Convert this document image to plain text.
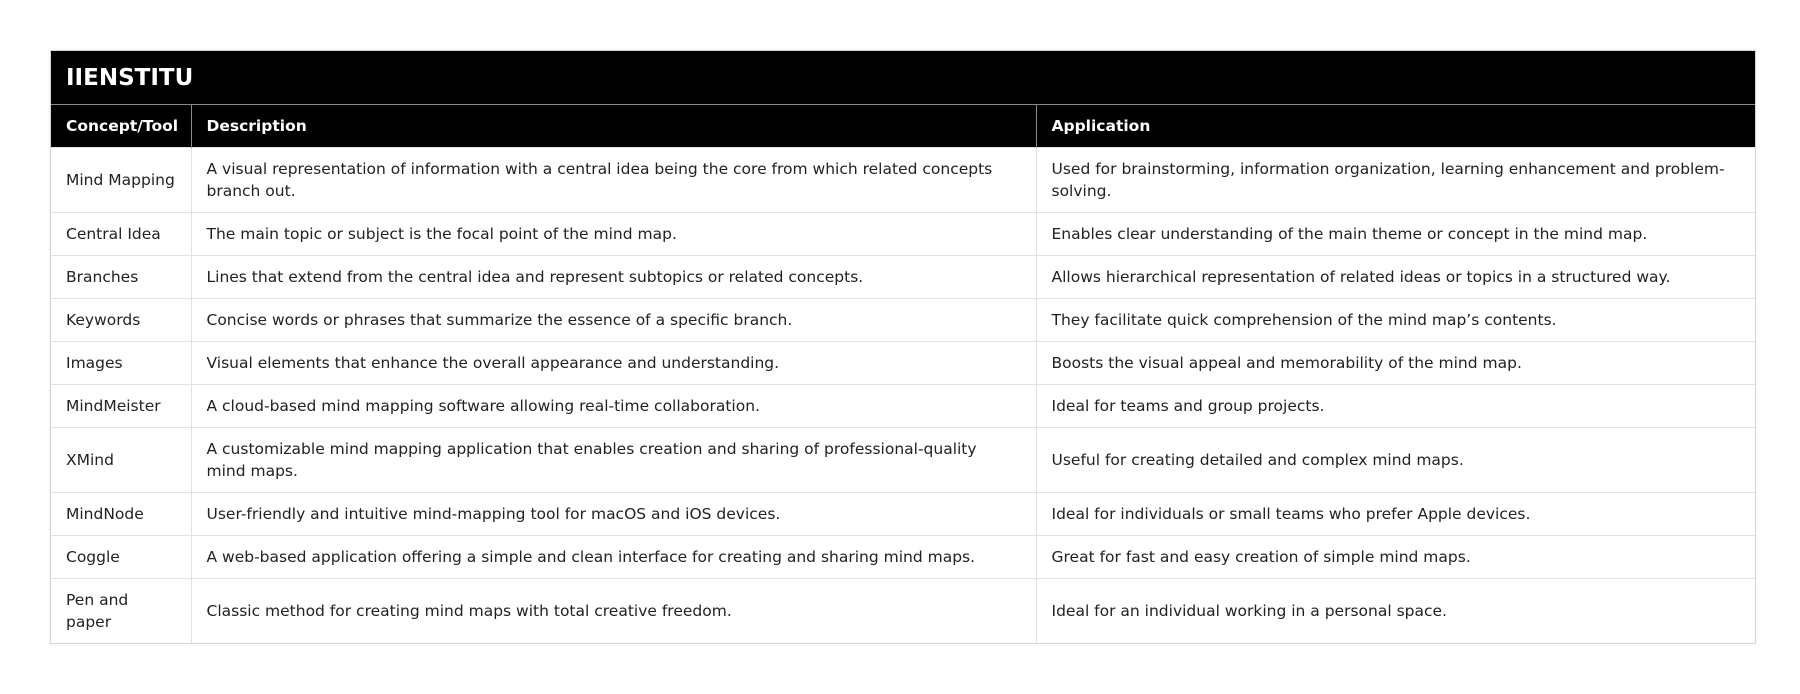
IIENSTITU
Concept/Tool	Description	Application
Mind Mapping	A visual representation of information with a central idea being the core from which related concepts branch out.	Used for brainstorming, information organization, learning enhancement and problem-solving.
Central Idea	The main topic or subject is the focal point of the mind map.	Enables clear understanding of the main theme or concept in the mind map.
Branches	Lines that extend from the central idea and represent subtopics or related concepts.	Allows hierarchical representation of related ideas or topics in a structured way.
Keywords	Concise words or phrases that summarize the essence of a specific branch.	They facilitate quick comprehension of the mind map’s contents.
Images	Visual elements that enhance the overall appearance and understanding.	Boosts the visual appeal and memorability of the mind map.
MindMeister	A cloud-based mind mapping software allowing real-time collaboration.	Ideal for teams and group projects.
XMind	A customizable mind mapping application that enables creation and sharing of professional-quality mind maps.	Useful for creating detailed and complex mind maps.
MindNode	User-friendly and intuitive mind-mapping tool for macOS and iOS devices.	Ideal for individuals or small teams who prefer Apple devices.
Coggle	A web-based application offering a simple and clean interface for creating and sharing mind maps.	Great for fast and easy creation of simple mind maps.
Pen and paper	Classic method for creating mind maps with total creative freedom.	Ideal for an individual working in a personal space.
